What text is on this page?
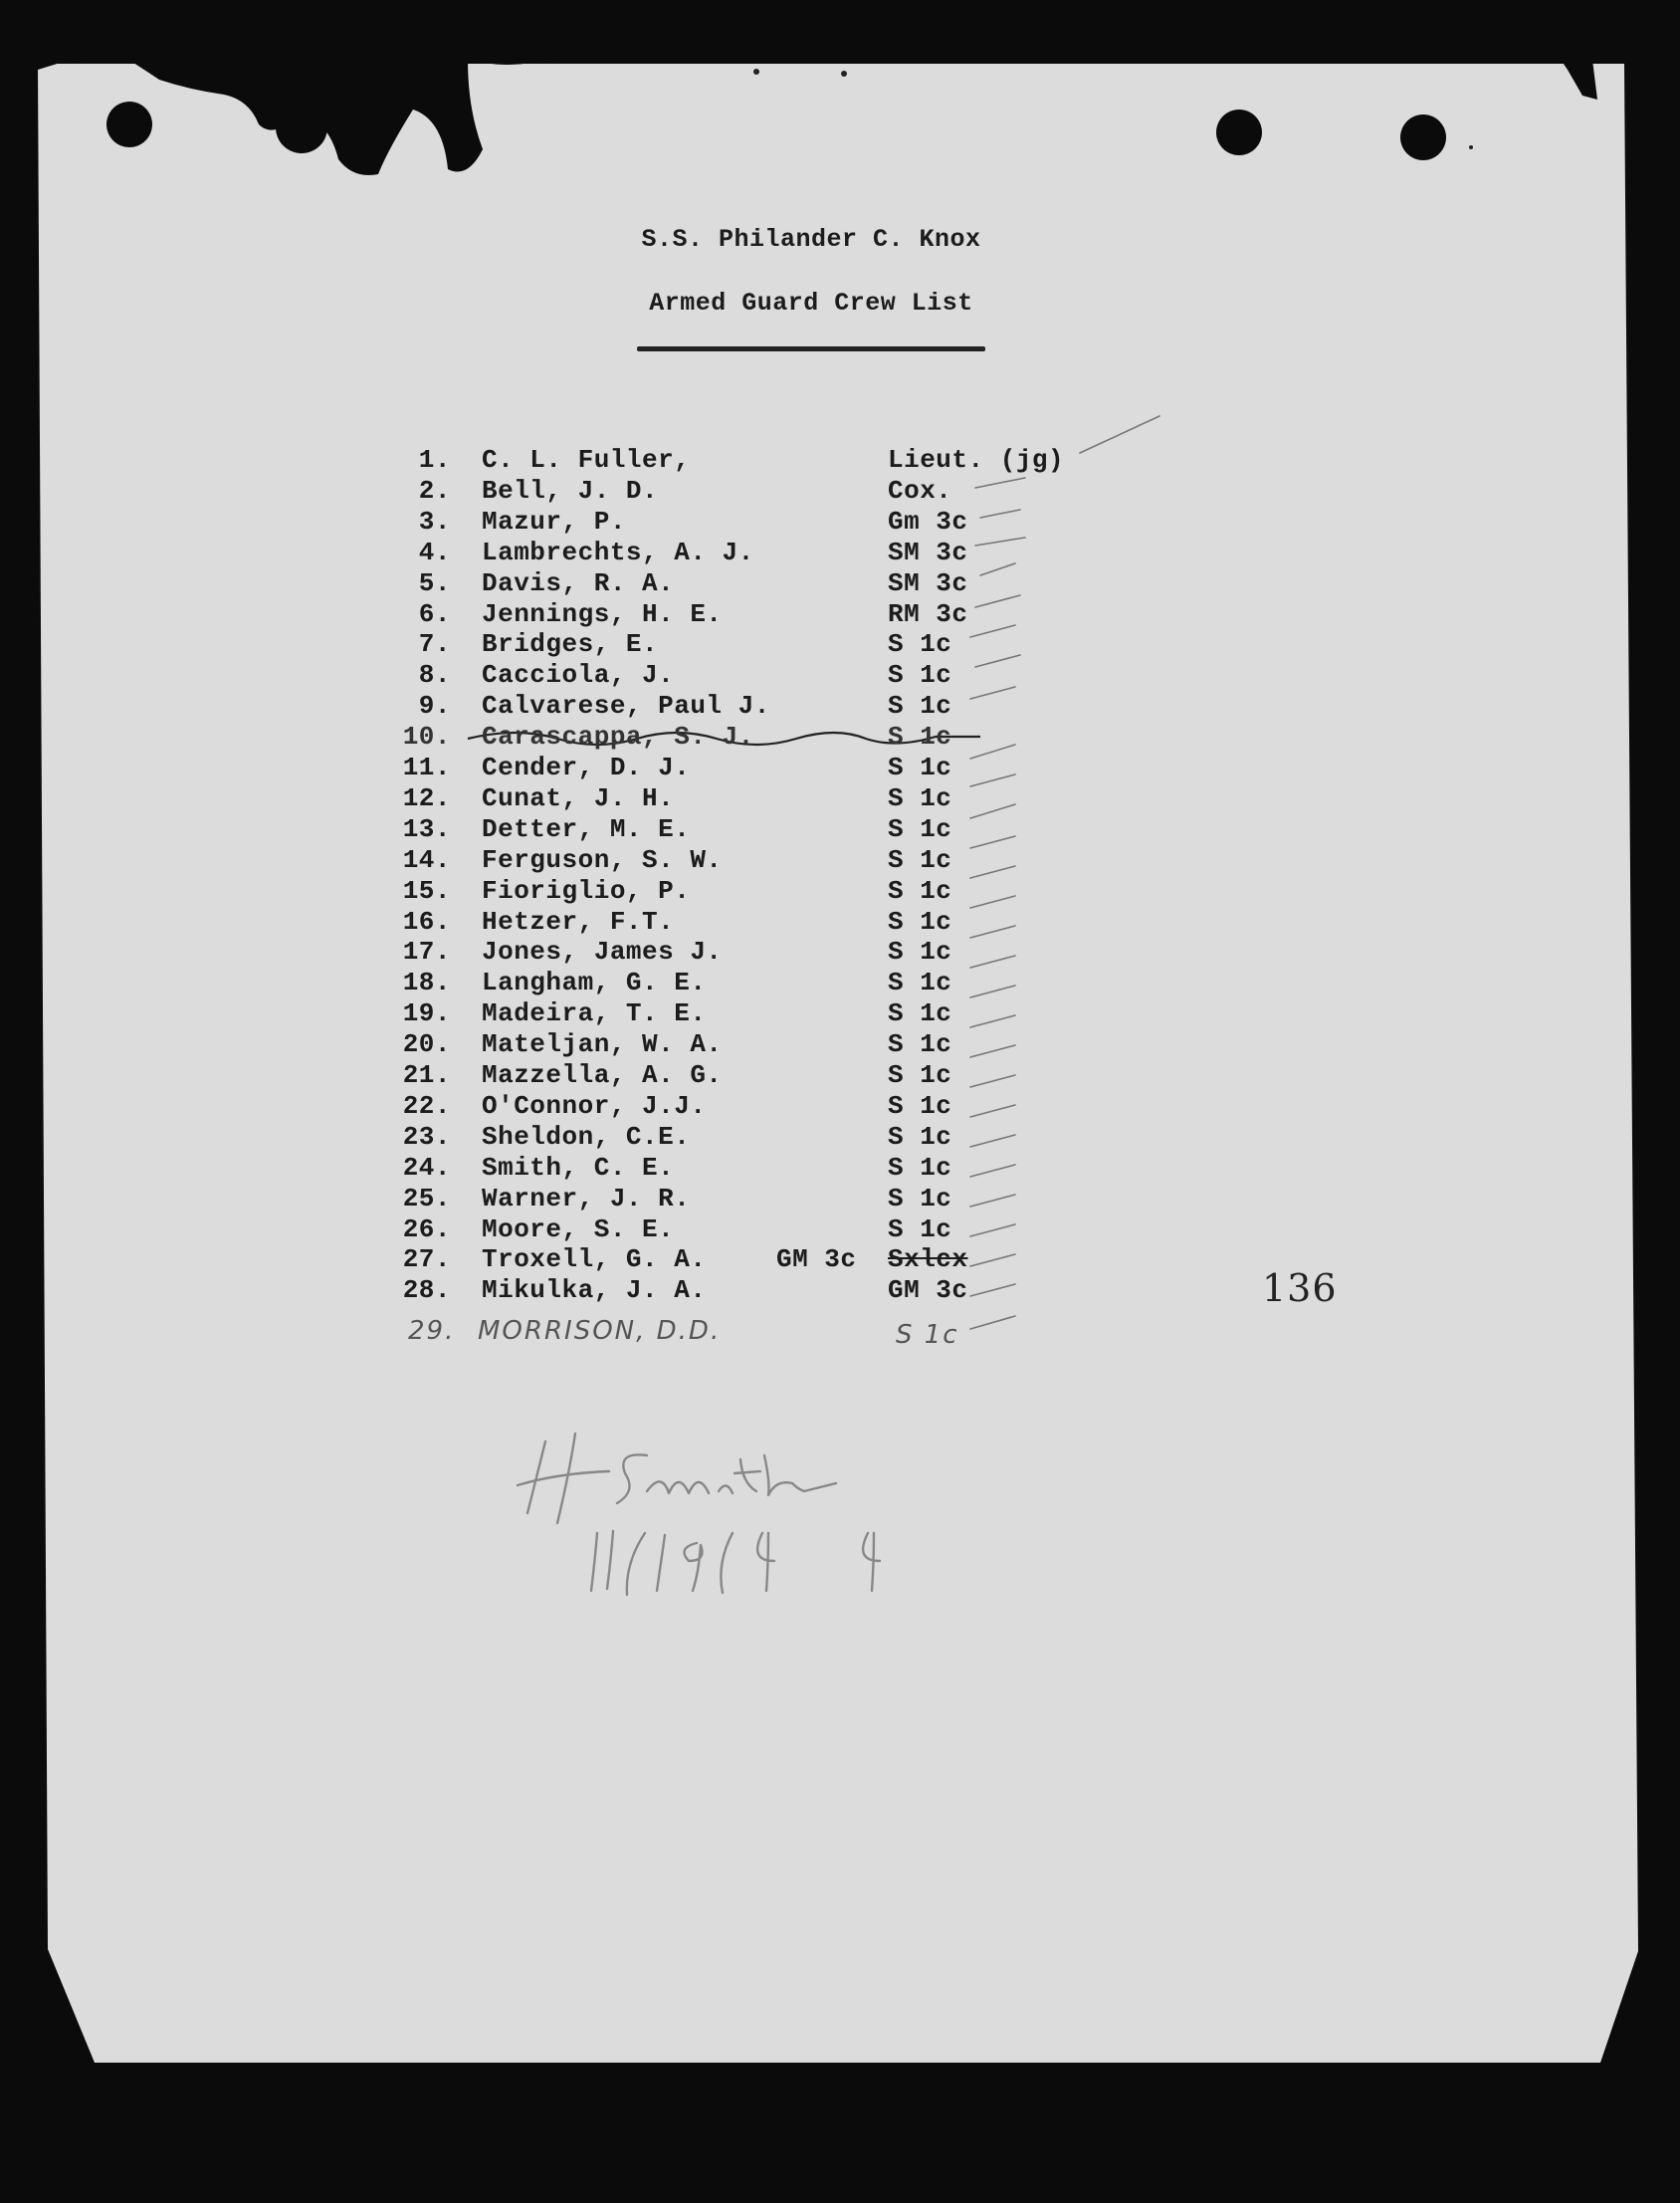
S.S. Philander C. Knox
Armed Guard Crew List
1. C. L. Fuller,	Lieut. (jg)
2. Bell, J. D.	Cox.
3. Mazur, P.	Gm 3c
4. Lambrechts, A. J.	SM 3c
5. Davis, R. A.	SM 3c
6. Jennings, H. E.	RM 3c
7. Bridges, E.	S 1c
8. Cacciola, J.	S 1c
9. Calvarese, Paul J.	S 1c
10. Carascappa, S. J.	S 1c
11. Cender, D. J.	S 1c
12. Cunat, J. H.	S 1c
13. Detter, M. E.	S 1c
14. Ferguson, S. W.	S 1c
15. Fioriglio, P.	S 1c
16. Hetzer, F.T.	S 1c
17. Jones, James J.	S 1c
18. Langham, G. E.	S 1c
19. Madeira, T. E.	S 1c
20. Mateljan, W. A.	S 1c
21. Mazzella, A. G.	S 1c
22. O'Connor, J.J.	S 1c
23. Sheldon, C.E.	S 1c
24. Smith, C. E.	S 1c
25. Warner, J. R.	S 1c
26. Moore, S. E.	S 1c
27. Troxell, G. A.	GM 3c Sxlcx
28. Mikulka, J. A.	GM 3c
29. MORRISON, D.D.	S 1c
136
